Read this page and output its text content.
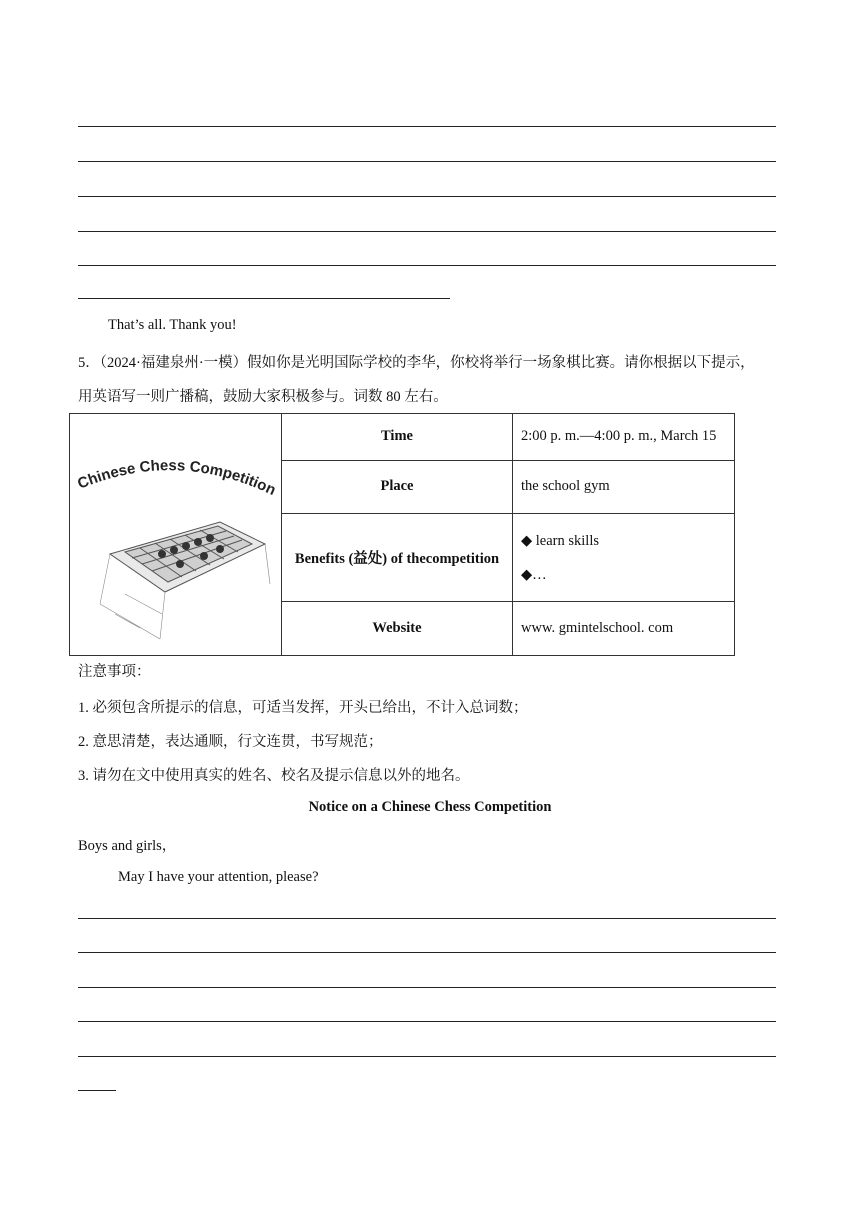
That’s all. Thank you!
5．（2024·福建泉州·一模）假如你是光明国际学校的李华，你校将举行一场象棋比赛。请你根据以下提示，
用英语写一则广播稿，鼓励大家积极参与。词数 80 左右。
Chinese Chess Competition	Time	2:00 p. m.—4:00 p. m., March 15
	Place	the school gym
	Benefits (益处) of thecompetition	◆ learn skills
◆…

	Website	www. gmintelschool. com
注意事项：
1. 必须包含所提示的信息，可适当发挥，开头已给出，不计入总词数；
2. 意思清楚，表达通顺，行文连贯，书写规范；
3. 请勿在文中使用真实的姓名、校名及提示信息以外的地名。
Notice on a Chinese Chess Competition
Boys and girls，
May I have your attention, please?
